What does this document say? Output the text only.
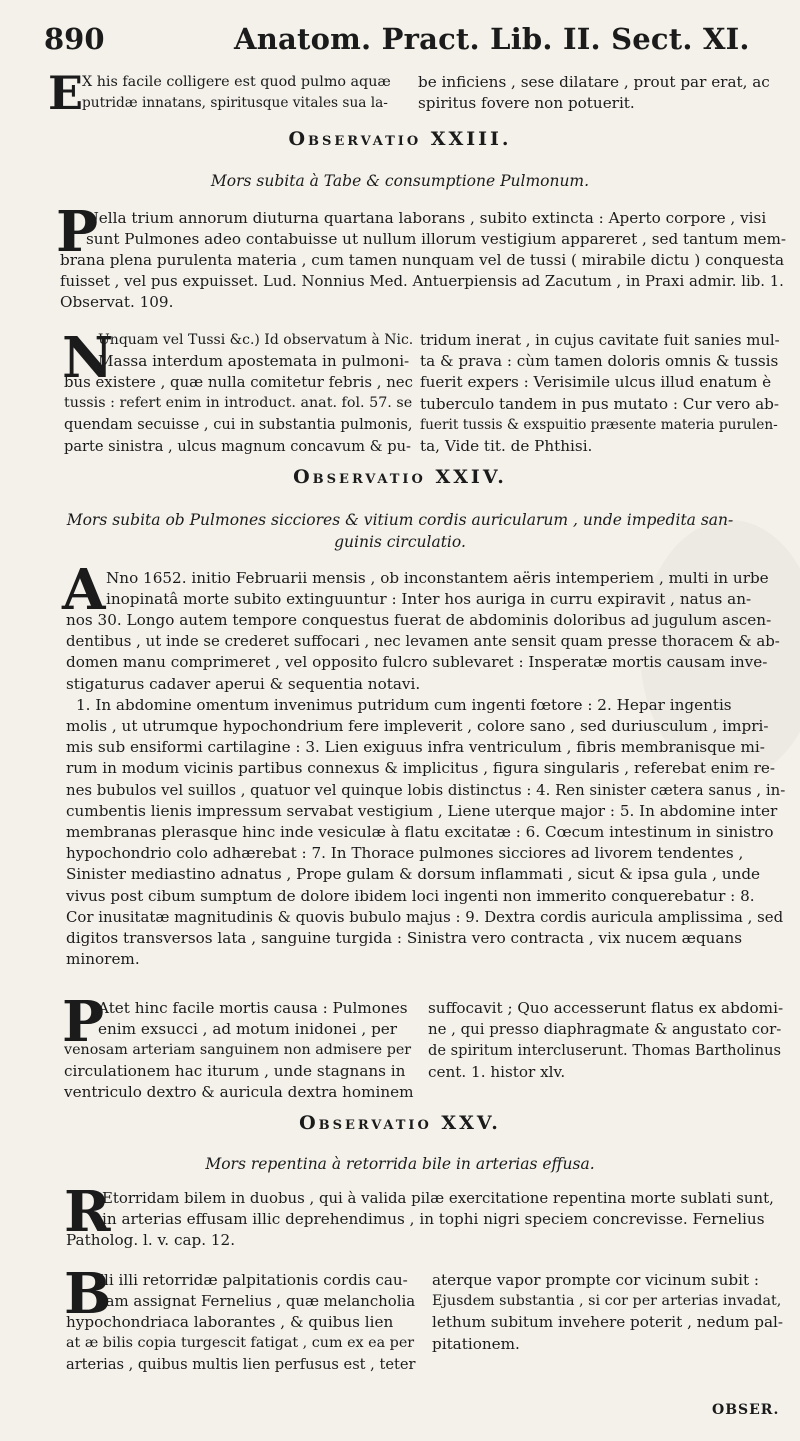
890	Anatom. Pract. Lib. II. Sect. XI.
E

X his facile colligere est quod pulmo aquæ

putridæ innatans, spiritusque vitales sua la-

be inficiens , sese dilatare , prout par erat, ac

spiritus fovere non potuerit.

Observatio XXIII.

Mors subita à Tabe & consumptione Pulmonum.

P

Uella trium annorum diuturna quartana laborans , subito extincta : Aperto corpore , visi

sunt Pulmones adeo contabuisse ut nullum illorum vestigium appareret , sed tantum mem-

brana plena purulenta materia , cum tamen nunquam vel de tussi ( mirabile dictu ) conquesta

fuisset , vel pus expuisset. Lud. Nonnius Med. Antuerpiensis ad Zacutum , in Praxi admir. lib. 1.

Observat. 109.

N

Unquam vel Tussi &c.) Id observatum à Nic.

Massa interdum apostemata in pulmoni-

bus existere , quæ nulla comitetur febris , nec

tussis : refert enim in introduct. anat. fol. 57. se

quendam secuisse , cui in substantia pulmonis,

parte sinistra , ulcus magnum concavum & pu-

tridum inerat , in cujus cavitate fuit sanies mul-

ta & prava : cùm tamen doloris omnis & tussis

fuerit expers : Verisimile ulcus illud enatum è

tuberculo tandem in pus mutato : Cur vero ab-

fuerit tussis & exspuitio præsente materia purulen-

ta, Vide tit. de Phthisi.

Observatio XXIV.

Mors subita ob Pulmones sicciores & vitium cordis auricularum , unde impedita san-

guinis circulatio.

A Nno 1652. initio Februarii mensis , ob inconstantem aëris intemperiem , multi in urbe

inopinatâ morte subito extinguuntur : Inter hos auriga in curru expiravit , natus an-

nos 30. Longo autem tempore conquestus fuerat de abdominis doloribus ad jugulum ascen-

dentibus , ut inde se crederet suffocari , nec levamen ante sensit quam presse thoracem & ab-

domen manu comprimeret , vel opposito fulcro sublevaret : Insperatæ mortis causam inve-

stigaturus cadaver aperui & sequentia notavi.

1. In abdomine omentum invenimus putridum cum ingenti fœtore : 2. Hepar ingentis

molis , ut utrumque hypochondrium fere impleverit , colore sano , sed duriusculum , impri-

mis sub ensiformi cartilagine : 3. Lien exiguus infra ventriculum , fibris membranisque mi-

rum in modum vicinis partibus connexus & implicitus , figura singularis , referebat enim re-

nes bubulos vel suillos , quatuor vel quinque lobis distinctus : 4. Ren sinister cætera sanus , in-

cumbentis lienis impressum servabat vestigium , Liene uterque major : 5. In abdomine inter

membranas plerasque hinc inde vesiculæ à flatu excitatæ : 6. Cœcum intestinum in sinistro

hypochondrio colo adhærebat : 7. In Thorace pulmones sicciores ad livorem tendentes ,

Sinister mediastino adnatus , Prope gulam & dorsum inflammati , sicut & ipsa gula , unde

vivus post cibum sumptum de dolore ibidem loci ingenti non immerito conquerebatur : 8.

Cor inusitatæ magnitudinis & quovis bubulo majus : 9. Dextra cordis auricula amplissima , sed

digitos transversos lata , sanguine turgida : Sinistra vero contracta , vix nucem æquans

minorem.

P

Atet hinc facile mortis causa : Pulmones

enim exsucci , ad motum inidonei , per

venosam arteriam sanguinem non admisere per

circulationem hac iturum , unde stagnans in

ventriculo dextro & auricula dextra hominem

suffocavit ; Quo accesserunt flatus ex abdomi-

ne , qui presso diaphragmate & angustato cor-

de spiritum intercluserunt. Thomas Bartholinus

cent. 1. histor xlv.

Observatio XXV.

Mors repentina à retorrida bile in arterias effusa.

R

Etorridam bilem in duobus , qui à valida pilæ exercitatione repentina morte sublati sunt,

in arterias effusam illic deprehendimus , in tophi nigri speciem concrevisse. Fernelius

Patholog. l. v. cap. 12.

B

Ili illi retorridæ palpitationis cordis cau-

sam assignat Fernelius , quæ melancholia

hypochondriaca laborantes , & quibus lien

at æ bilis copia turgescit fatigat , cum ex ea per

arterias , quibus multis lien perfusus est , teter

aterque vapor prompte cor vicinum subit :

Ejusdem substantia , si cor per arterias invadat,

lethum subitum invehere poterit , nedum pal-

pitationem.

OBSER.
